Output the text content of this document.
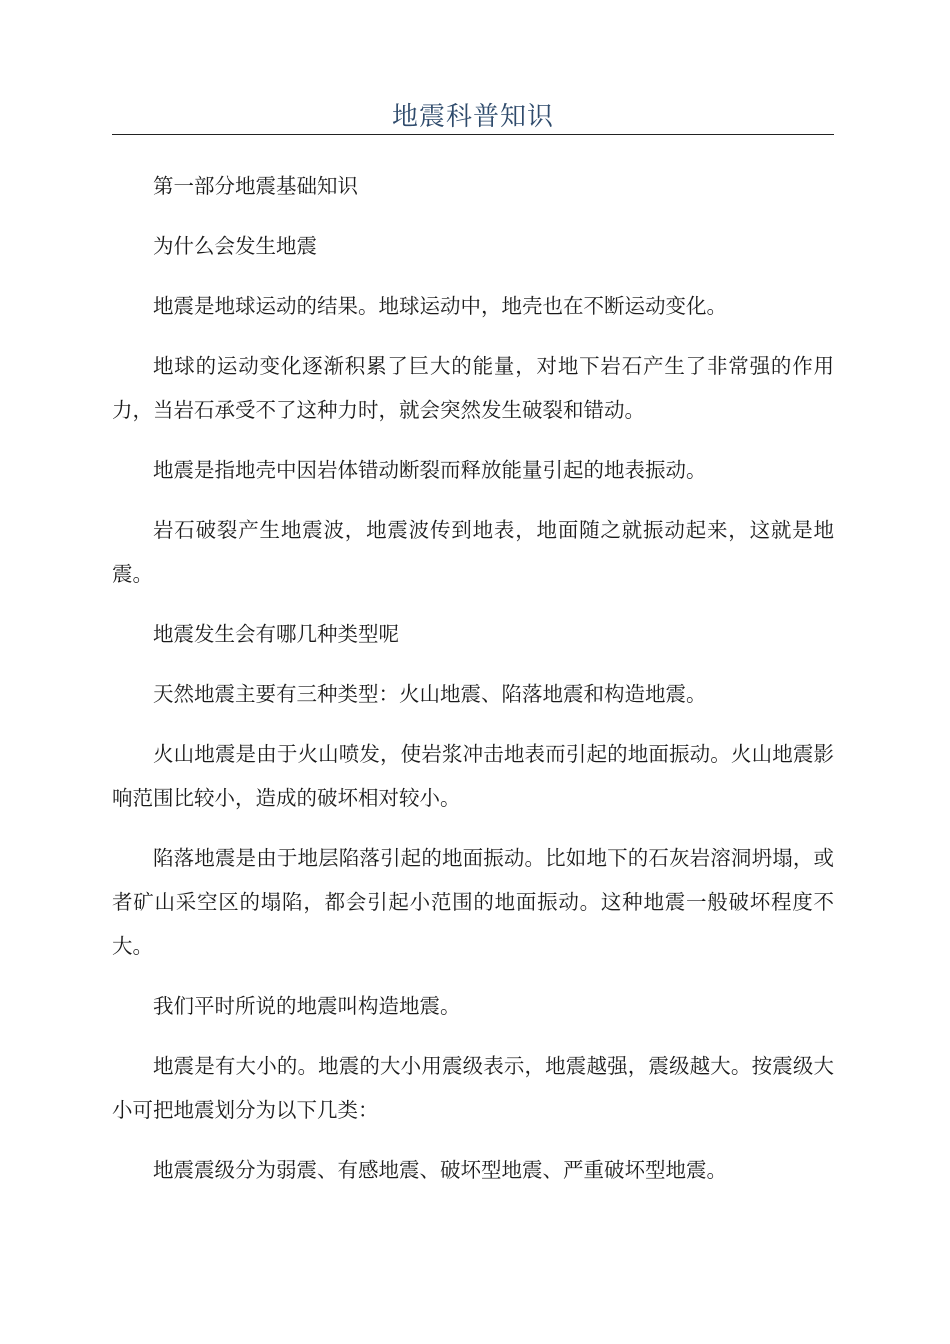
地震科普知识

第一部分地震基础知识

为什么会发生地震

地震是地球运动的结果。地球运动中，地壳也在不断运动变化。

地球的运动变化逐渐积累了巨大的能量，对地下岩石产生了非常强的作用力，当岩石承受不了这种力时，就会突然发生破裂和错动。

地震是指地壳中因岩体错动断裂而释放能量引起的地表振动。

岩石破裂产生地震波，地震波传到地表，地面随之就振动起来，这就是地震。

地震发生会有哪几种类型呢

天然地震主要有三种类型：火山地震、陷落地震和构造地震。

火山地震是由于火山喷发，使岩浆冲击地表而引起的地面振动。火山地震影响范围比较小，造成的破坏相对较小。

陷落地震是由于地层陷落引起的地面振动。比如地下的石灰岩溶洞坍塌，或者矿山采空区的塌陷，都会引起小范围的地面振动。这种地震一般破坏程度不大。

我们平时所说的地震叫构造地震。

地震是有大小的。地震的大小用震级表示，地震越强，震级越大。按震级大小可把地震划分为以下几类：

地震震级分为弱震、有感地震、破坏型地震、严重破坏型地震。
